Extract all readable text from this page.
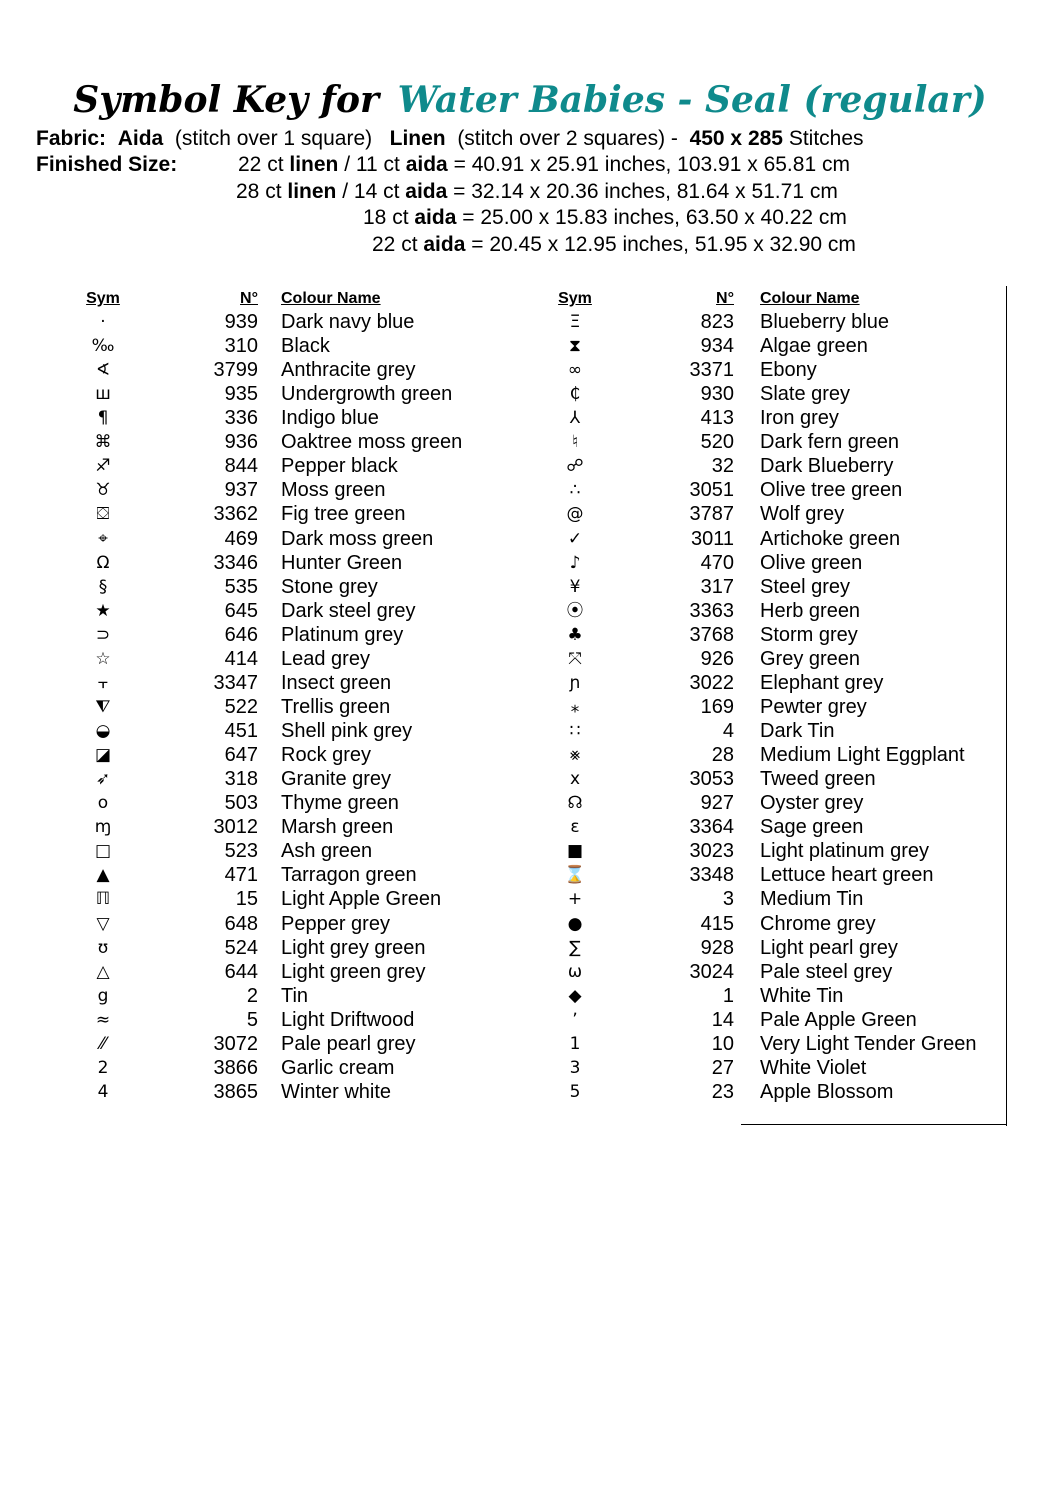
Symbol Key for Water Babies - Seal (regular)
Fabric: Aida (stitch over 1 square) Linen (stitch over 2 squares) - 450 x 285 Stitches
Finished Size:	22 ct linen / 11 ct aida = 40.91 x 25.91 inches, 103.91 x 65.81 cm
28 ct linen / 14 ct aida = 32.14 x 20.36 inches, 81.64 x 51.71 cm
18 ct aida = 25.00 x 15.83 inches, 63.50 x 40.22 cm
22 ct aida = 20.45 x 12.95 inches, 51.95 x 32.90 cm
Sym	N° Colour Name
·	939 Dark navy blue
‰	310 Black
∢	3799 Anthracite grey
ш	935 Undergrowth green
¶	336 Indigo blue
⌘	936 Oaktree moss green
♐	844 Pepper black
♉	937 Moss green
⛋	3362 Fig tree green
⌖	469 Dark moss green
Ω	3346 Hunter Green
§	535 Stone grey
★	645 Dark steel grey
⊃	646 Platinum grey
☆	414 Lead grey
⫟	3347 Insect green
⧨	522 Trellis green
◒	451 Shell pink grey
◪	647 Rock grey
➶	318 Granite grey
o	503 Thyme green
ɱ	3012 Marsh green
□	523 Ash green
▲	471 Tarragon green
ℿ	15 Light Apple Green
▽	648 Pepper grey
ʊ	524 Light grey green
△	644 Light green grey
g	2 Tin
≈	5 Light Driftwood
⁄⁄	3072 Pale pearl grey
2	3866 Garlic cream
4	3865 Winter white
Sym	N° Colour Name
Ξ	823 Blueberry blue
⧗	934 Algae green
∞	3371 Ebony
₵	930 Slate grey
⅄	413 Iron grey
♮	520 Dark fern green
☍	32 Dark Blueberry
∴	3051 Olive tree green
@	3787 Wolf grey
✓	3011 Artichoke green
♪	470 Olive green
¥	317 Steel grey
⦿	3363 Herb green
♣	3768 Storm grey
⤧	926 Grey green
ɲ	3022 Elephant grey
⁎	169 Pewter grey
∷	4 Dark Tin
⨳	28 Medium Light Eggplant
x	3053 Tweed green
☊	927 Oyster grey
ɛ	3364 Sage green
■	3023 Light platinum grey
⌛	3348 Lettuce heart green
+	3 Medium Tin
●	415 Chrome grey
∑	928 Light pearl grey
ω	3024 Pale steel grey
◆	1 White Tin
٬	14 Pale Apple Green
1	10 Very Light Tender Green
3	27 White Violet
5	23 Apple Blossom
